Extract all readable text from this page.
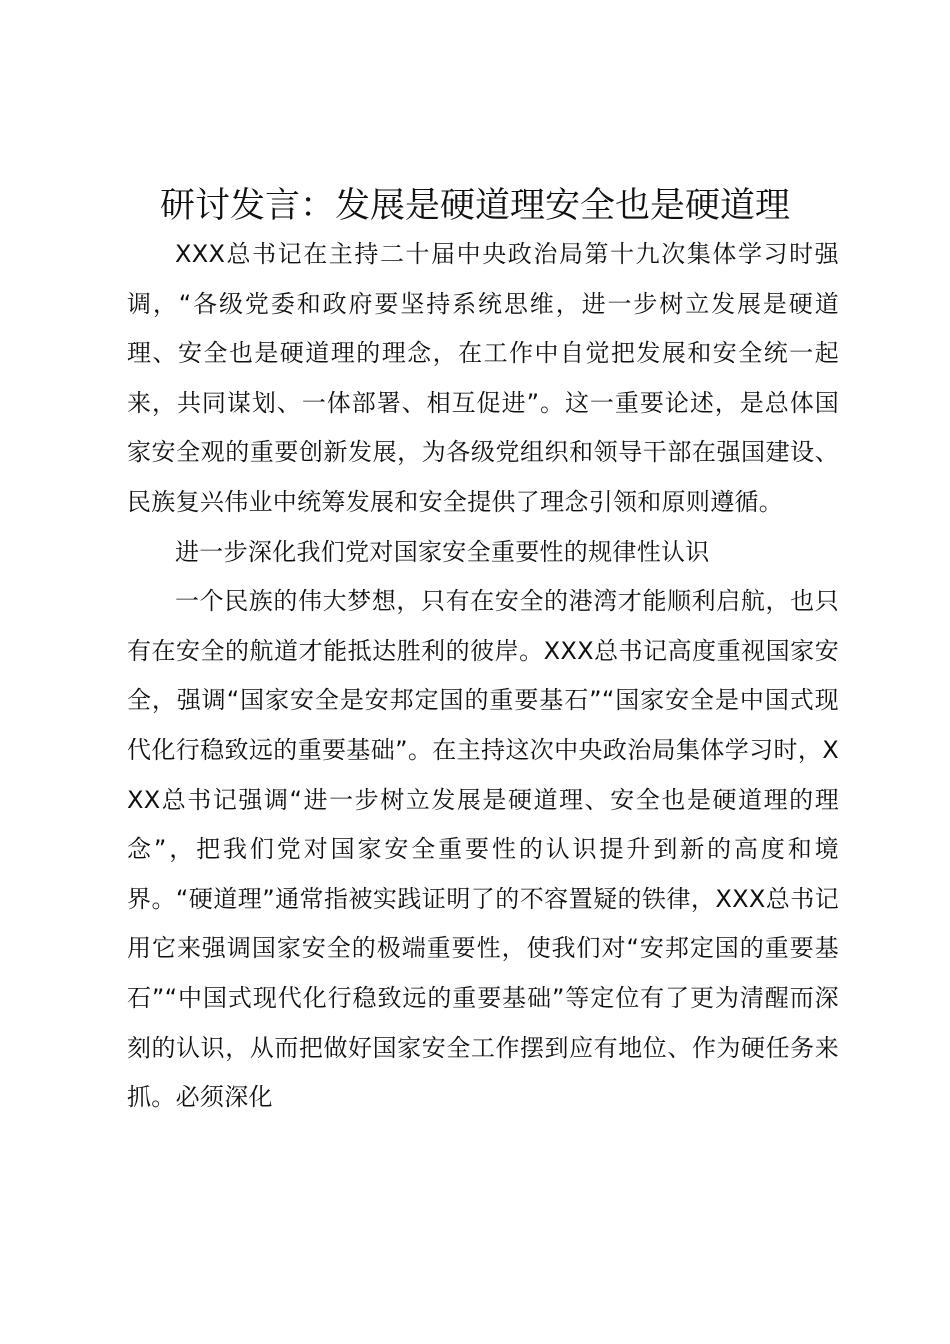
研讨发言：发展是硬道理安全也是硬道理

XXX总书记在主持二十届中央政治局第十九次集体学习时强调，“各级党委和政府要坚持系统思维，进一步树立发展是硬道理、安全也是硬道理的理念，在工作中自觉把发展和安全统一起来，共同谋划、一体部署、相互促进”。这一重要论述，是总体国家安全观的重要创新发展，为各级党组织和领导干部在强国建设、民族复兴伟业中统筹发展和安全提供了理念引领和原则遵循。

进一步深化我们党对国家安全重要性的规律性认识

一个民族的伟大梦想，只有在安全的港湾才能顺利启航，也只有在安全的航道才能抵达胜利的彼岸。XXX总书记高度重视国家安全，强调“国家安全是安邦定国的重要基石”“国家安全是中国式现代化行稳致远的重要基础”。在主持这次中央政治局集体学习时，XXX总书记强调“进一步树立发展是硬道理、安全也是硬道理的理念”，把我们党对国家安全重要性的认识提升到新的高度和境界。“硬道理”通常指被实践证明了的不容置疑的铁律，XXX总书记用它来强调国家安全的极端重要性，使我们对“安邦定国的重要基石”“中国式现代化行稳致远的重要基础”等定位有了更为清醒而深刻的认识，从而把做好国家安全工作摆到应有地位、作为硬任务来抓。必须深化
